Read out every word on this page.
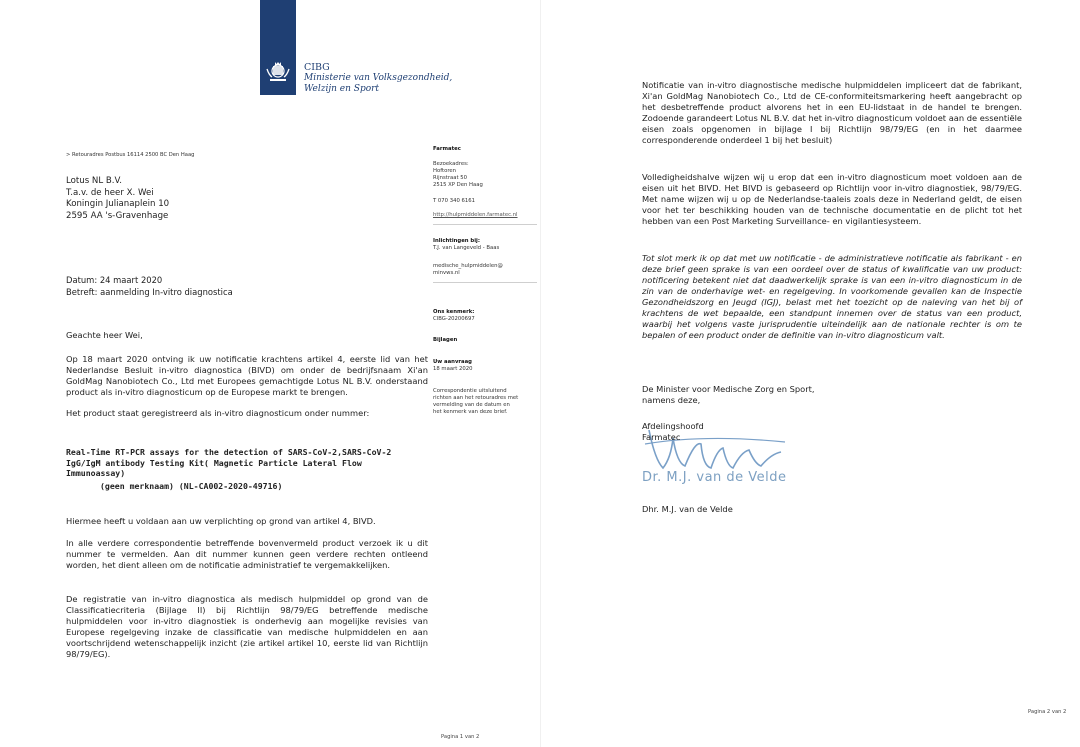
CIBG
Ministerie van Volksgezondheid,
Welzijn en Sport
> Retouradres Postbus 16114 2500 BC Den Haag
Lotus NL B.V.
T.a.v. de heer X. Wei
Koningin Julianaplein 10
2595 AA 's-Gravenhage
Farmatec
Bezoekadres:
Hoftoren
Rijnstraat 50
2515 XP Den Haag
T 070 340 6161
http://hulpmiddelen.farmatec.nl
Inlichtingen bij:
T.J. van Langeveld - Baas
medische_hulpmiddelen@
minvws.nl
Ons kenmerk:
CIBG-20200697
Bijlagen
Uw aanvraag
18 maart 2020
Correspondentie uitsluitend
richten aan het retouradres met
vermelding van de datum en
het kenmerk van deze brief.
Datum: 24 maart 2020
Betreft: aanmelding In-vitro diagnostica
Geachte heer Wei,
Op 18 maart 2020 ontving ik uw notificatie krachtens artikel 4, eerste lid van het Nederlandse Besluit in-vitro diagnostica (BIVD) om onder de bedrijfsnaam Xi'an GoldMag Nanobiotech Co., Ltd met Europees gemachtigde Lotus NL B.V. onderstaand product als in-vitro diagnosticum op de Europese markt te brengen.
Het product staat geregistreerd als in-vitro diagnosticum onder nummer:
Real-Time RT-PCR assays for the detection of SARS-CoV-2,SARS-CoV-2
IgG/IgM antibody Testing Kit( Magnetic Particle Lateral Flow
Immunoassay)
(geen merknaam) (NL-CA002-2020-49716)
Hiermee heeft u voldaan aan uw verplichting op grond van artikel 4, BIVD.
In alle verdere correspondentie betreffende bovenvermeld product verzoek ik u dit nummer te vermelden. Aan dit nummer kunnen geen verdere rechten ontleend worden, het dient alleen om de notificatie administratief te vergemakkelijken.
De registratie van in-vitro diagnostica als medisch hulpmiddel op grond van de Classificatiecriteria (Bijlage II) bij Richtlijn 98/79/EG betreffende medische hulpmiddelen voor in-vitro diagnostiek is onderhevig aan mogelijke revisies van Europese regelgeving inzake de classificatie van medische hulpmiddelen en aan voortschrijdend wetenschappelijk inzicht (zie artikel artikel 10, eerste lid van Richtlijn 98/79/EG).
Pagina 1 van 2
Notificatie van in-vitro diagnostische medische hulpmiddelen impliceert dat de fabrikant, Xi'an GoldMag Nanobiotech Co., Ltd de CE-conformiteitsmarkering heeft aangebracht op het desbetreffende product alvorens het in een EU-lidstaat in de handel te brengen. Zodoende garandeert Lotus NL B.V. dat het in-vitro diagnosticum voldoet aan de essentiële eisen zoals opgenomen in bijlage I bij Richtlijn 98/79/EG (en in het daarmee corresponderende onderdeel 1 bij het besluit)
Volledigheidshalve wijzen wij u erop dat een in-vitro diagnosticum moet voldoen aan de eisen uit het BIVD. Het BIVD is gebaseerd op Richtlijn voor in-vitro diagnostiek, 98/79/EG. Met name wijzen wij u op de Nederlandse-taaleis zoals deze in Nederland geldt, de eisen voor het ter beschikking houden van de technische documentatie en de plicht tot het hebben van een Post Marketing Surveillance- en vigilantiesysteem.
Tot slot merk ik op dat met uw notificatie - de administratieve notificatie als fabrikant - en deze brief geen sprake is van een oordeel over de status of kwalificatie van uw product: notificering betekent niet dat daadwerkelijk sprake is van een in-vitro diagnosticum in de zin van de onderhavige wet- en regelgeving. In voorkomende gevallen kan de Inspectie Gezondheidszorg en Jeugd (IGJ), belast met het toezicht op de naleving van het bij of krachtens de wet bepaalde, een standpunt innemen over de status van een product, waarbij het volgens vaste jurisprudentie uiteindelijk aan de nationale rechter is om te bepalen of een product onder de definitie van in-vitro diagnosticum valt.
De Minister voor Medische Zorg en Sport,
namens deze,
Afdelingshoofd
Farmatec
Dr. M.J. van de Velde
Dhr. M.J. van de Velde
Pagina 2 van 2
